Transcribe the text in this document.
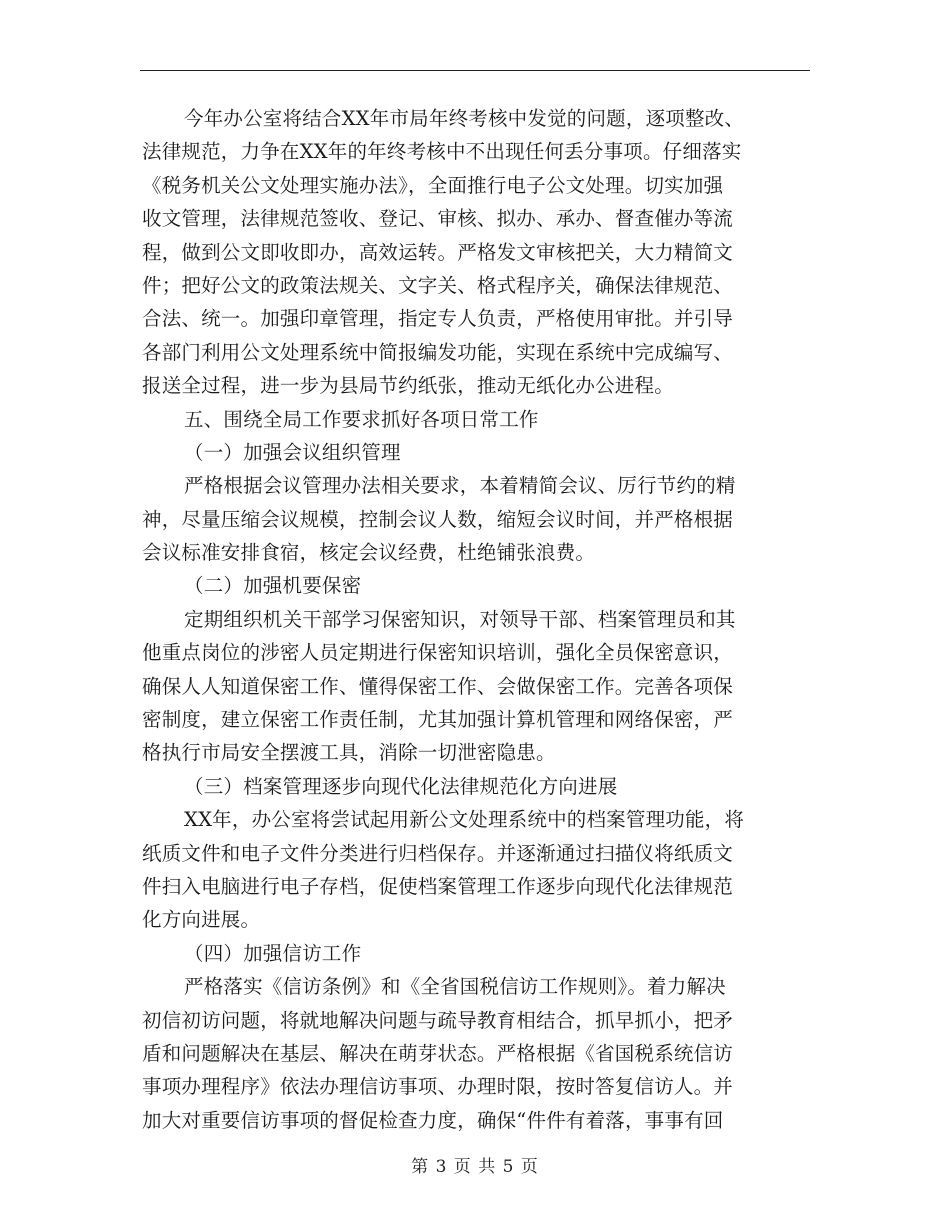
今年办公室将结合XX年市局年终考核中发觉的问题，逐项整改、
法律规范，力争在XX年的年终考核中不出现任何丢分事项。仔细落实
《税务机关公文处理实施办法》，全面推行电子公文处理。切实加强
收文管理，法律规范签收、登记、审核、拟办、承办、督查催办等流
程，做到公文即收即办，高效运转。严格发文审核把关，大力精简文
件；把好公文的政策法规关、文字关、格式程序关，确保法律规范、
合法、统一。加强印章管理，指定专人负责，严格使用审批。并引导
各部门利用公文处理系统中简报编发功能，实现在系统中完成编写、
报送全过程，进一步为县局节约纸张，推动无纸化办公进程。
五、围绕全局工作要求抓好各项日常工作
（一）加强会议组织管理
严格根据会议管理办法相关要求，本着精简会议、厉行节约的精
神，尽量压缩会议规模，控制会议人数，缩短会议时间，并严格根据
会议标准安排食宿，核定会议经费，杜绝铺张浪费。
（二）加强机要保密
定期组织机关干部学习保密知识，对领导干部、档案管理员和其
他重点岗位的涉密人员定期进行保密知识培训，强化全员保密意识，
确保人人知道保密工作、懂得保密工作、会做保密工作。完善各项保
密制度，建立保密工作责任制，尤其加强计算机管理和网络保密，严
格执行市局安全摆渡工具，消除一切泄密隐患。
（三）档案管理逐步向现代化法律规范化方向进展
XX年，办公室将尝试起用新公文处理系统中的档案管理功能，将
纸质文件和电子文件分类进行归档保存。并逐渐通过扫描仪将纸质文
件扫入电脑进行电子存档，促使档案管理工作逐步向现代化法律规范
化方向进展。
（四）加强信访工作
严格落实《信访条例》和《全省国税信访工作规则》。着力解决
初信初访问题，将就地解决问题与疏导教育相结合，抓早抓小，把矛
盾和问题解决在基层、解决在萌芽状态。严格根据《省国税系统信访
事项办理程序》依法办理信访事项、办理时限，按时答复信访人。并
加大对重要信访事项的督促检查力度，确保“件件有着落，事事有回
第 3 页 共 5 页
